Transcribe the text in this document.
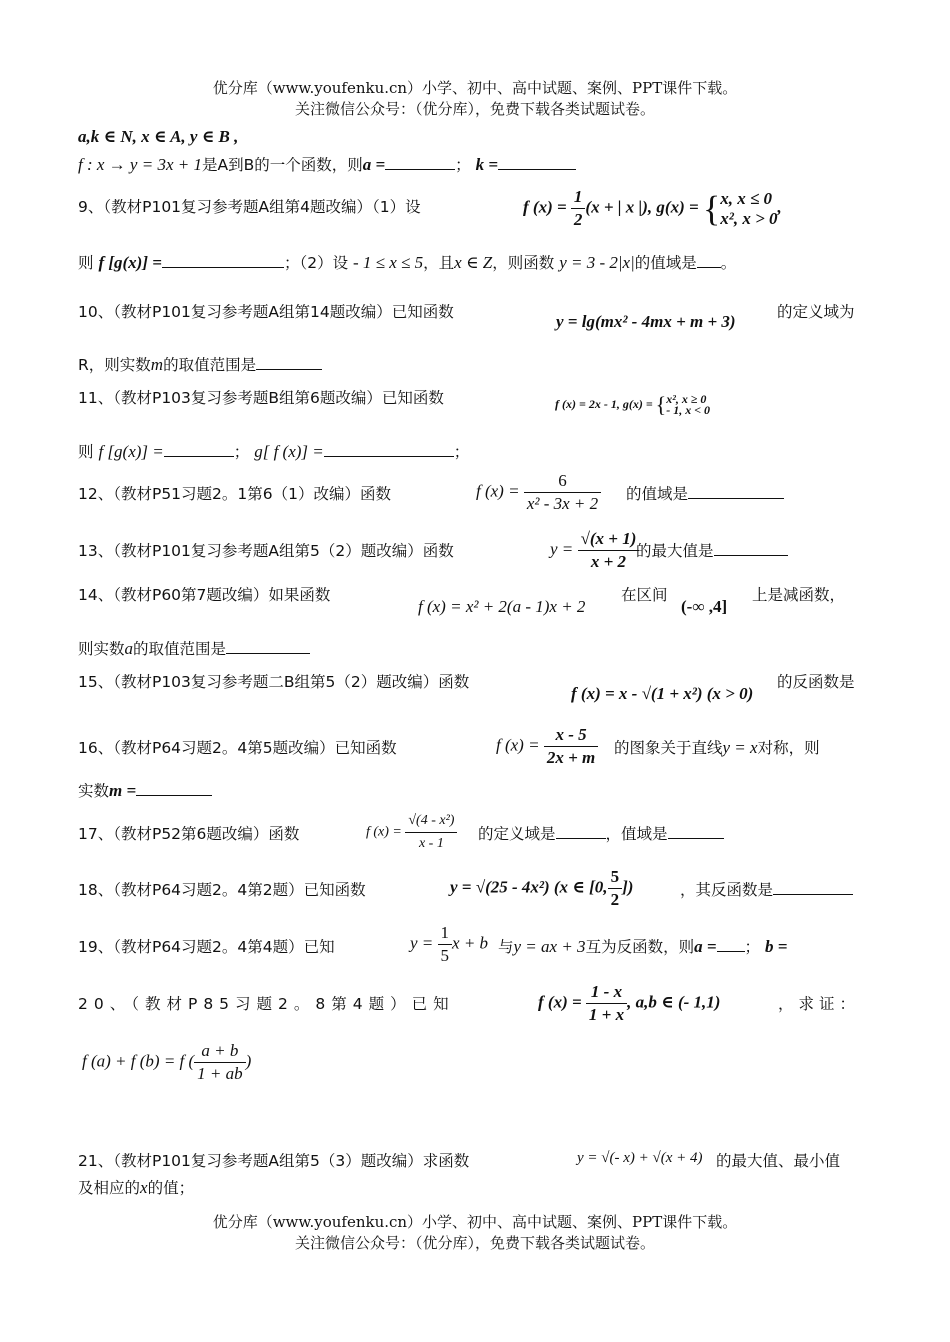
优分库（www.youfenku.cn）小学、初中、高中试题、案例、PPT课件下载。
关注微信公众号：（优分库），免费下载各类试题试卷。
a,k ∈ N, x ∈ A, y ∈ B ,
f : x → y = 3x + 1是A到B的一个函数，则a =	； k =
9、（教材P101复习参考题A组第4题改编）（1）设	f $(x) = \frac{1}{2} (x$ + | x |), g(x) = { x, x ≤ 0
x², x > 0
,
则 f [g(x)] =	；（2）设 - 1 ≤ x ≤ 5，且x ∈ Z，则函数 y = 3 - 2|x|的值域是 。
10、（教材P101复习参考题A组第14题改编）已知函数	y = lg(mx² - 4mx + m + 3)	的定义域为
R，则实数m的取值范围是
11、（教材P103复习参考题B组第6题改编）已知函数	f (x) = 2x - 1, g(x) = { x², x ≥ 0
- 1, x < 0
则 f [g(x)] =	； g[ f (x)] =	；
12、（教材P51习题2。1第6（1）改编）函数	f $(x) = \frac{6}{\text{x² - 3x + 2}}$ 的值域是
13、（教材P101复习参考题A组第5（2）题改编）函数	$y = \frac{√(x + 1)}{x + 2}$
的最大值是
14、（教材P60第7题改编）如果函数
f (x) = x² + 2(a - 1)x + 2
在区间
(-∞ ,4]
上是减函数，
则实数a的取值范围是
15、（教材P103复习参考题二B组第5（2）题改编）函数
f (x) = x - √(1 + x²) (x > 0)
的反函数是
16、（教材P64习题2。4第5题改编）已知函数	f $(x) = \frac{x - 5}{2x + m}$ 的图象关于直线y = x对称，则
实数m =
17、（教材P52第6题改编）函数	f $(x) = \frac{\text{√(4 - x²)}}{x - 1}$ 的定义域是	，值域是
18、（教材P64习题2。4第2题）已知函数	y = √(25 - 4x²) (x ∈ [0, $\frac{5}{2}$ ])	，其反函数是
19、（教材P64习题2。4第4题）已知	$y = \frac{1}{5}$ x + b 与y = ax + 3互为反函数，则a = ； b =
20、（教材P85习题2。8第4题）已知	f $(x) = \frac{1 - x}{1 + x}$ , a,b ∈ (- 1,1)	，求证：
f (a) + f (b) = f ( $\frac{a + b}{1 + ab}$ )
21、（教材P101复习参考题A组第5（3）题改编）求函数	y = √(- x) + √(x + 4) 的最大值、最小值
及相应的x的值；
优分库（www.youfenku.cn）小学、初中、高中试题、案例、PPT课件下载。
关注微信公众号：（优分库），免费下载各类试题试卷。
